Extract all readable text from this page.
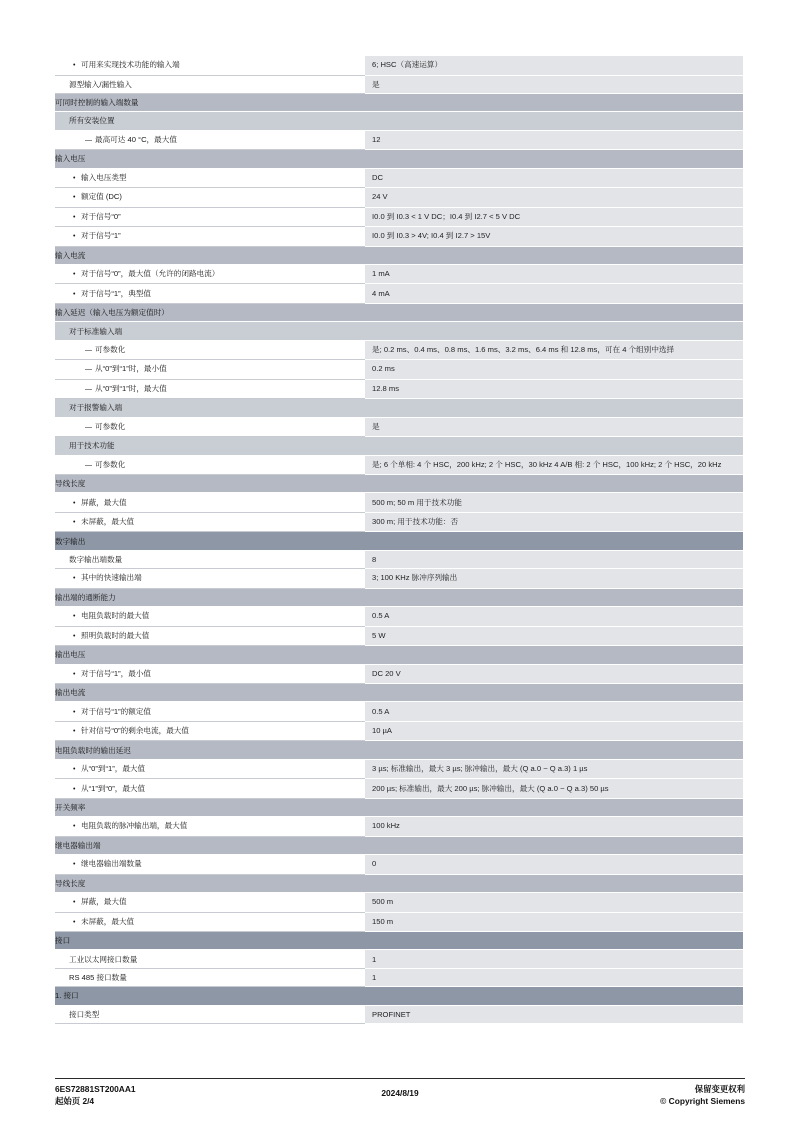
• 可用来实现技术功能的输入端	6; HSC（高速运算）

源型输入/漏性输入	是

可同时控制的输入端数量	

所有安装位置	

— 最高可达 40 °C，最大值	12

输入电压	

• 输入电压类型	DC

• 额定值 (DC)	24 V

• 对于信号“0”	I0.0 到 I0.3 < 1 V DC；I0.4 到 I2.7 < 5 V DC

• 对于信号“1”	I0.0 到 I0.3 > 4V; I0.4 到 I2.7 > 15V

输入电流	

• 对于信号“0”，最大值（允许的闭路电流）	1 mA

• 对于信号“1”，典型值	4 mA

输入延迟（输入电压为额定值时）	

对于标准输入端	

— 可参数化	是; 0.2 ms、0.4 ms、0.8 ms、1.6 ms、3.2 ms、6.4 ms 和 12.8 ms，可在 4 个组别中选择

— 从“0”到“1”时，最小值	0.2 ms

— 从“0”到“1”时，最大值	12.8 ms

对于报警输入端	

— 可参数化	是

用于技术功能	

— 可参数化	是; 6 个单相: 4 个 HSC，200 kHz; 2 个 HSC，30 kHz 4 A/B 相: 2 个 HSC，100 kHz; 2 个 HSC，20 kHz

导线长度	

• 屏蔽，最大值	500 m; 50 m 用于技术功能

• 未屏蔽，最大值	300 m; 用于技术功能：否

数字输出	

数字输出端数量	8

• 其中的快速输出端	3; 100 KHz 脉冲序列输出

输出端的通断能力	

• 电阻负载时的最大值	0.5 A

• 照明负载时的最大值	5 W

输出电压	

• 对于信号“1”，最小值	DC 20 V

输出电流	

• 对于信号“1”的额定值	0.5 A

• 针对信号“0”的剩余电流，最大值	10 µA

电阻负载时的输出延迟	

• 从“0”到“1”，最大值	3 µs; 标准输出，最大 3 µs; 脉冲输出，最大 (Q a.0 ~ Q a.3) 1 µs

• 从“1”到“0”，最大值	200 µs; 标准输出，最大 200 µs; 脉冲输出，最大 (Q a.0 ~ Q a.3) 50 µs

开关频率	

• 电阻负载的脉冲输出端，最大值	100 kHz

继电器输出端	

• 继电器输出端数量	0

导线长度	

• 屏蔽，最大值	500 m

• 未屏蔽，最大值	150 m

接口	

工业以太网接口数量	1

RS 485 接口数量	1

1. 接口	

接口类型	PROFINET
6ES72881ST200AA1
起始页 2/4
2024/8/19	保留变更权利
© Copyright Siemens
